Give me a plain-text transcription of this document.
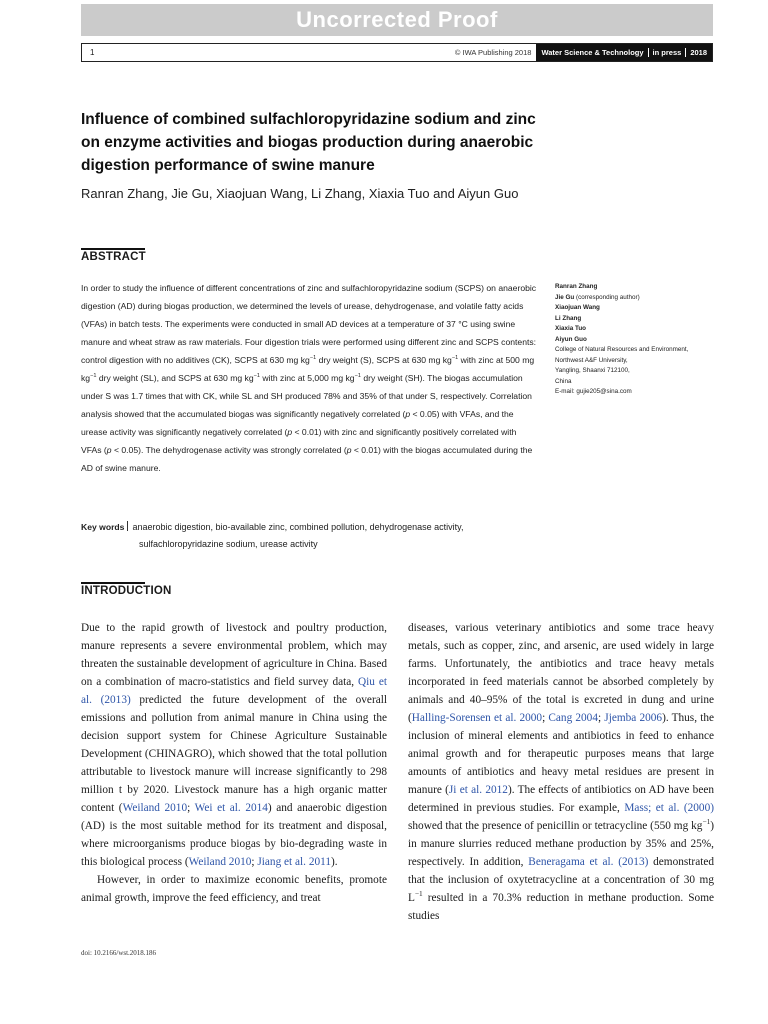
Uncorrected Proof
1	© IWA Publishing 2018	Water Science & Technology in press 2018
Influence of combined sulfachloropyridazine sodium and zinc on enzyme activities and biogas production during anaerobic digestion performance of swine manure
Ranran Zhang, Jie Gu, Xiaojuan Wang, Li Zhang, Xiaxia Tuo and Aiyun Guo
ABSTRACT

In order to study the influence of different concentrations of zinc and sulfachloropyridazine sodium (SCPS) on anaerobic digestion (AD) during biogas production, we determined the levels of urease, dehydrogenase, and volatile fatty acids (VFAs) in batch tests. The experiments were conducted in small AD devices at a temperature of 37 °C using swine manure and wheat straw as raw materials. Four digestion trials were performed using different zinc and SCPS contents: control digestion with no additives (CK), SCPS at 630 mg $kg^{-1}$ dry weight (S), SCPS at 630 mg $kg^{-1}$ with zinc at 500 mg $kg^{-1}$ dry weight (SL), and SCPS at 630 mg $kg^{-1}$ with zinc at 5,000 mg $kg^{-1}$ dry weight (SH). The biogas accumulation under S was 1.7 times that with CK, while SL and SH produced 78% and 35% of that under S, respectively. Correlation analysis showed that the accumulated biogas was significantly negatively correlated (p < 0.05) with VFAs, and the urease activity was significantly negatively correlated (p < 0.01) with zinc and significantly positively correlated with VFAs (p < 0.05). The dehydrogenase activity was strongly correlated (p < 0.01) with the biogas accumulated during the AD of swine manure.

Key words anaerobic digestion, bio-available zinc, combined pollution, dehydrogenase activity,
sulfachloropyridazine sodium, urease activity
Ranran Zhang
Jie Gu (corresponding author)
Xiaojuan Wang
Li Zhang
Xiaxia Tuo
Aiyun Guo
College of Natural Resources and Environment,
Northwest A&F University,
Yangling, Shaanxi 712100,
China
E-mail: gujie205@sina.com
INTRODUCTION

Due to the rapid growth of livestock and poultry production, manure represents a severe environmental problem, which may threaten the sustainable development of agriculture in China. Based on a combination of macro-statistics and field survey data, Qiu et al. (2013) predicted the future development of the overall emissions and pollution from animal manure in China using the decision support system for Chinese Agriculture Sustainable Development (CHINAGRO), which showed that the total pollution attributable to livestock manure will increase significantly to 298 million t by 2020. Livestock manure has a high organic matter content (Weiland 2010; Wei et al. 2014) and anaerobic digestion (AD) is the most suitable method for its treatment and disposal, where microorganisms produce biogas by bio-degrading waste in this biological process (Weiland 2010; Jiang et al. 2011).

However, in order to maximize economic benefits, promote animal growth, improve the feed efficiency, and treat

diseases, various veterinary antibiotics and some trace heavy metals, such as copper, zinc, and arsenic, are used widely in large farms. Unfortunately, the antibiotics and trace heavy metals incorporated in feed materials cannot be absorbed completely by animals and 40–95% of the total is excreted in dung and urine (Halling-Sorensen et al. 2000; Cang 2004; Jjemba 2006). Thus, the inclusion of mineral elements and antibiotics in feed to enhance animal growth and for therapeutic purposes means that large amounts of antibiotics and heavy metal residues are present in manure (Ji et al. 2012). The effects of antibiotics on AD have been determined in previous studies. For example, Mass; et al. (2000) showed that the presence of penicillin or tetracycline (550 mg $kg^{-1}$) in manure slurries reduced methane production by 35% and 25%, respectively. In addition, Beneragama et al. (2013) demonstrated that the inclusion of oxytetracycline at a concentration of 30 mg $L^{-1}$ resulted in a 70.3% reduction in methane production. Some studies

doi: 10.2166/wst.2018.186
